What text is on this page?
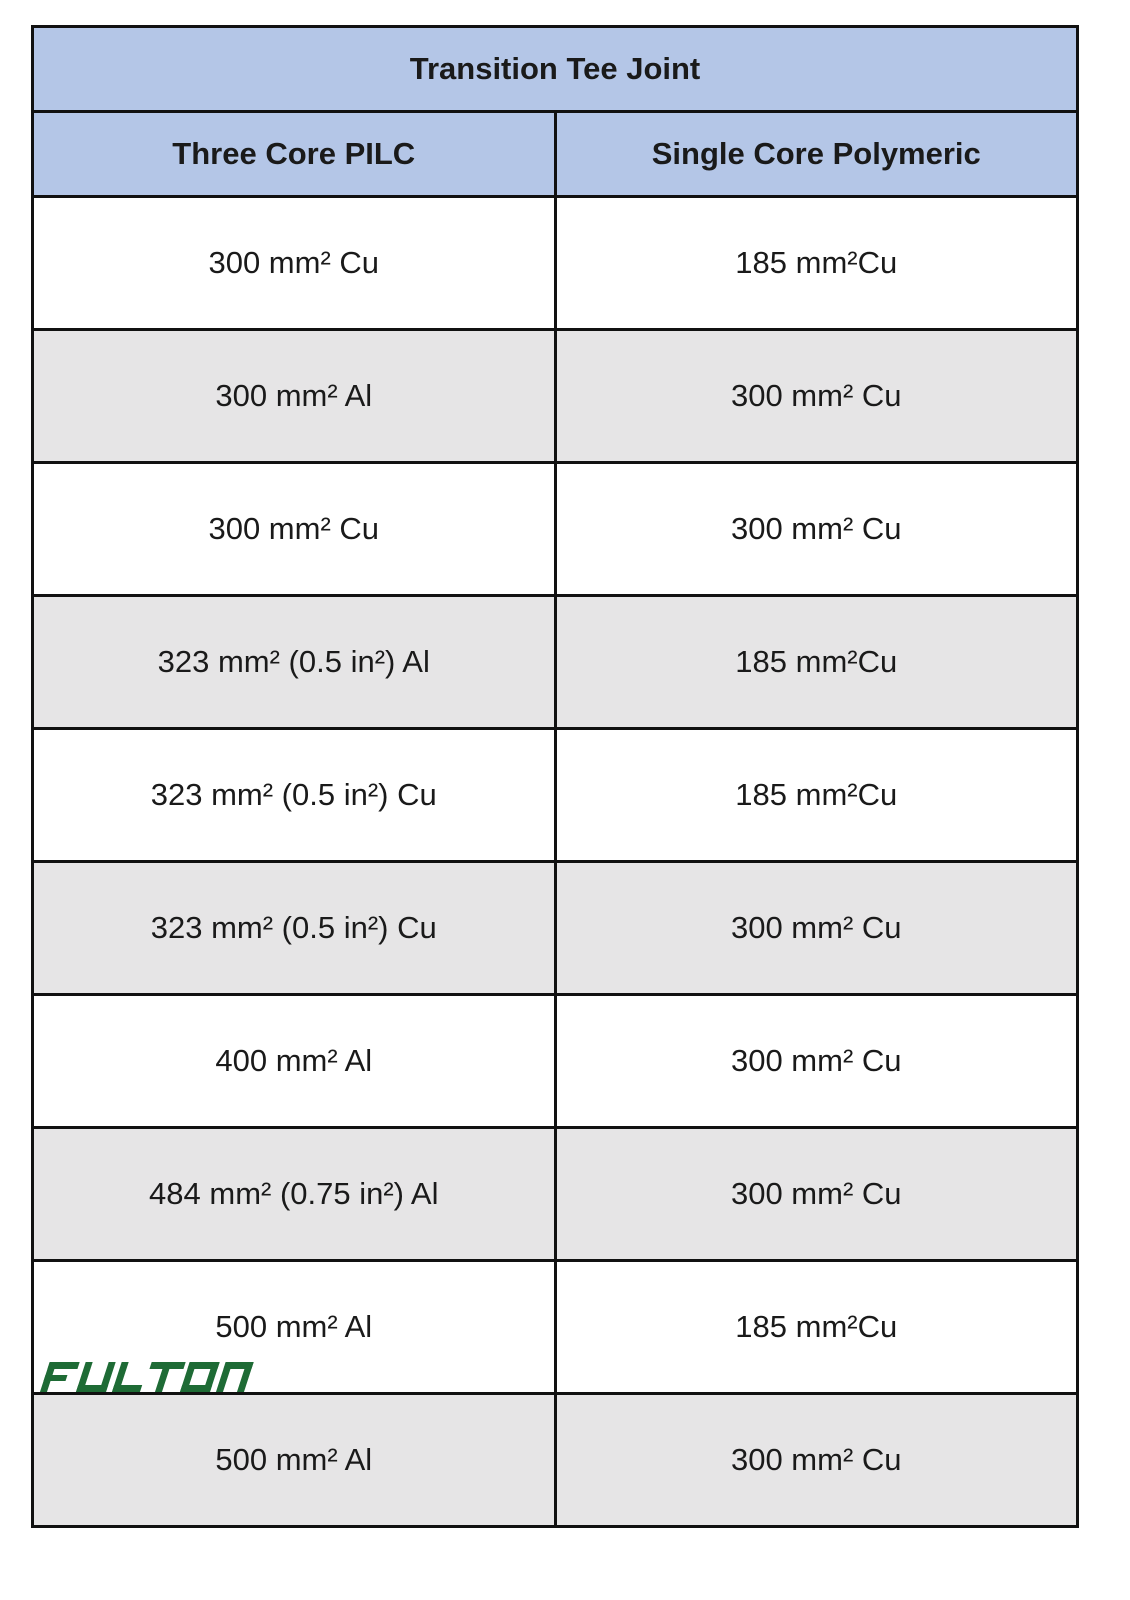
Transition Tee Joint	
Three Core PILC	Single Core Polymeric
300 mm² Cu	185 mm²Cu
300 mm² Al	300 mm² Cu
300 mm² Cu	300 mm² Cu
323 mm² (0.5 in²) Al	185 mm²Cu
323 mm² (0.5 in²) Cu	185 mm²Cu
323 mm² (0.5 in²) Cu	300 mm² Cu
400 mm² Al	300 mm² Cu
484 mm² (0.75 in²) Al	300 mm² Cu
500 mm² Al	185 mm²Cu
500 mm² Al	300 mm² Cu
